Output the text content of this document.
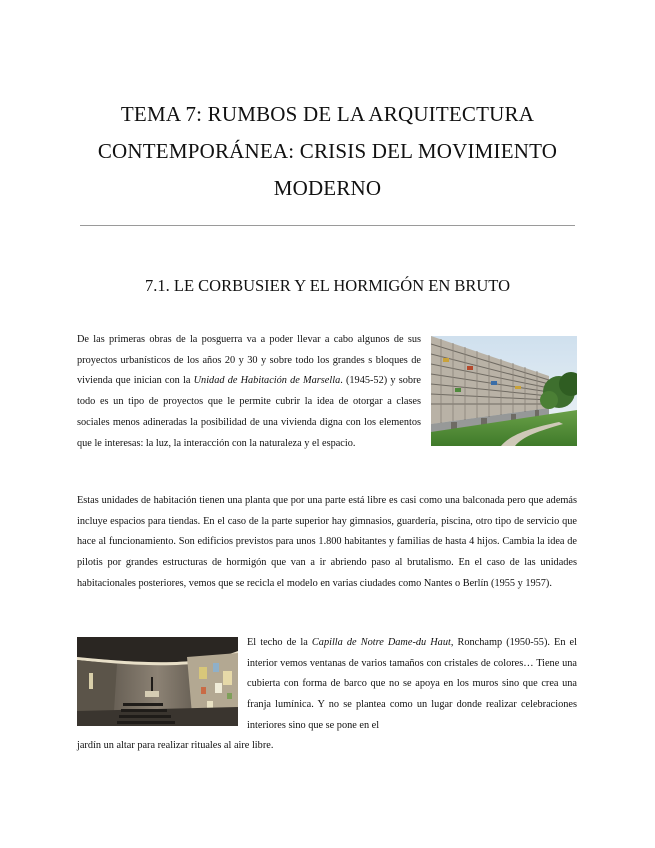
TEMA 7: RUMBOS DE LA ARQUITECTURA
CONTEMPORÁNEA: CRISIS DEL MOVIMIENTO
MODERNO
7.1. LE CORBUSIER Y EL HORMIGÓN EN BRUTO

De las primeras obras de la posguerra va a poder llevar a cabo algunos de sus proyectos urbanísticos de los años 20 y 30 y sobre todo los grandes s bloques de vivienda que inician con la Unidad de Habitación de Marsella. (1945-52) y sobre todo es un tipo de proyectos que le permite cubrir la idea de otorgar a clases sociales menos adineradas la posibilidad de una vivienda digna con los elementos que le interesas: la luz, la interacción con la naturaleza y el espacio.

Estas unidades de habitación tienen una planta que por una parte está libre es casi como una balconada pero que además incluye espacios para tiendas. En el caso de la parte superior hay gimnasios, guardería, piscina, otro tipo de servicio que hace al funcionamiento. Son edificios previstos para unos 1.800 habitantes y familias de hasta 4 hijos. Cambia la idea de pilotis por grandes estructuras de hormigón que van a ir abriendo paso al brutalismo. En el caso de las unidades habitacionales posteriores, vemos que se recicla el modelo en varias ciudades como Nantes o Berlín (1955 y 1957).

El techo de la Capilla de Notre Dame-du Haut, Ronchamp (1950-55). En el interior vemos ventanas de varios tamaños con cristales de colores… Tiene una cubierta con forma de barco que no se apoya en los muros sino que crea una franja lumínica. Y no se plantea como un lugar donde realizar celebraciones interiores sino que se pone en el

jardín un altar para realizar rituales al aire libre.
